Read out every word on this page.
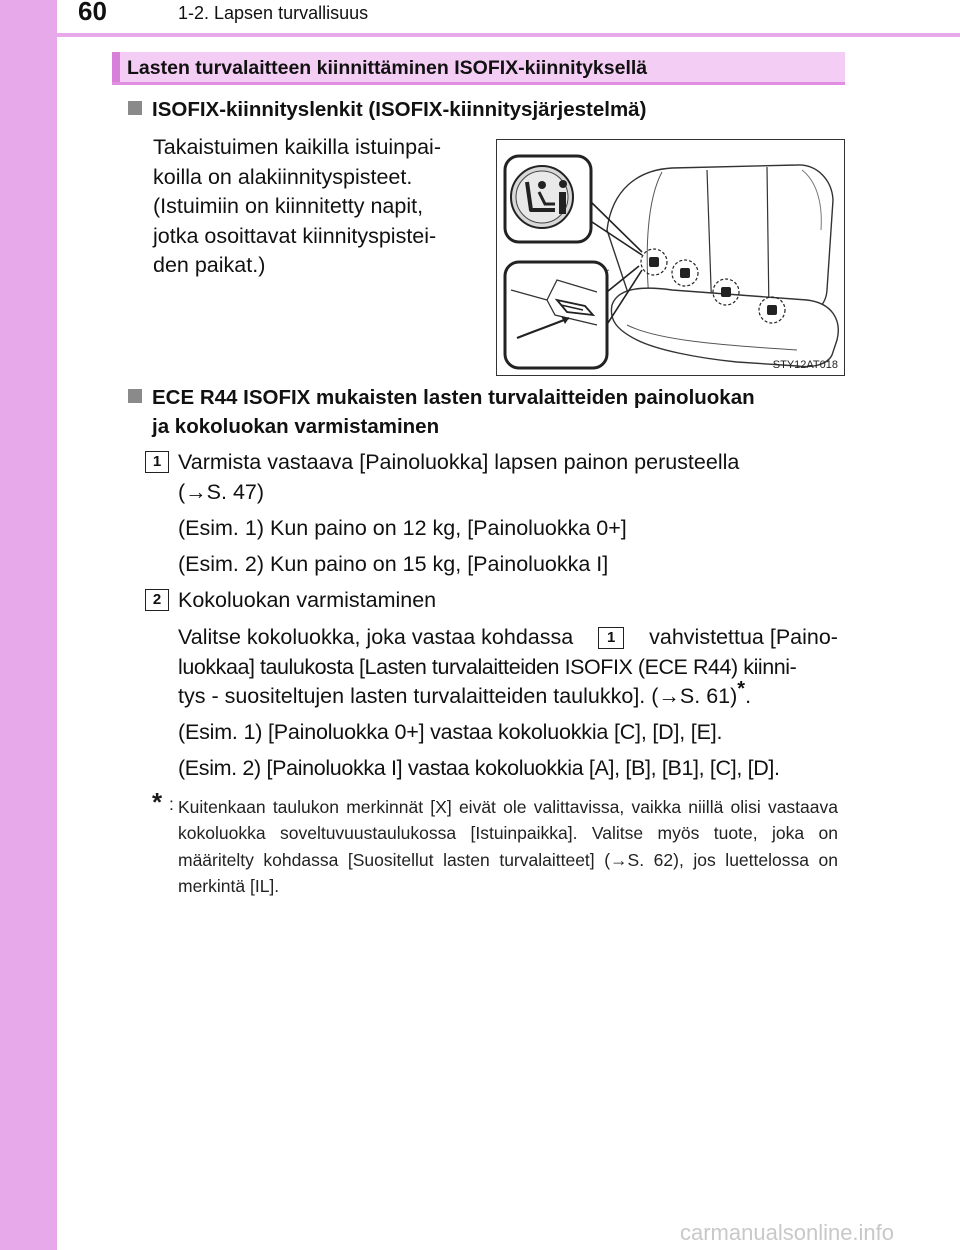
60	1-2. Lapsen turvallisuus
Lasten turvalaitteen kiinnittäminen ISOFIX-kiinnityksellä
ISOFIX-kiinnityslenkit (ISOFIX-kiinnitysjärjestelmä)
Takaistuimen kaikilla istuinpai-
koilla on alakiinnityspisteet.
(Istuimiin on kiinnitetty napit,
jotka osoittavat kiinnityspistei-
den paikat.)
STY12AT018
ECE R44 ISOFIX mukaisten lasten turvalaitteiden painoluokan
ja kokoluokan varmistaminen
1 Varmista vastaava [Painoluokka] lapsen painon perusteella
(→S. 47)
(Esim. 1) Kun paino on 12 kg, [Painoluokka 0+]
(Esim. 2) Kun paino on 15 kg, [Painoluokka I]
2 Kokoluokan varmistaminen
Valitse kokoluokka, joka vastaa kohdassa	1	vahvistettua [Paino-
luokkaa] taulukosta [Lasten turvalaitteiden ISOFIX (ECE R44) kiinni-
tys - suositeltujen lasten turvalaitteiden taulukko]. (→S. 61)*.
(Esim. 1) [Painoluokka 0+] vastaa kokoluokkia [C], [D], [E].
(Esim. 2) [Painoluokka I] vastaa kokoluokkia [A], [B], [B1], [C], [D].
* : Kuitenkaan taulukon merkinnät [X] eivät ole valittavissa, vaikka niillä olisi vastaava kokoluokka soveltuvuustaulukossa [Istuinpaikka]. Valitse myös tuote, joka on määritelty kohdassa [Suositellut lasten turvalaitteet] (→S. 62), jos luettelossa on merkintä [IL].
carmanualsonline.info
